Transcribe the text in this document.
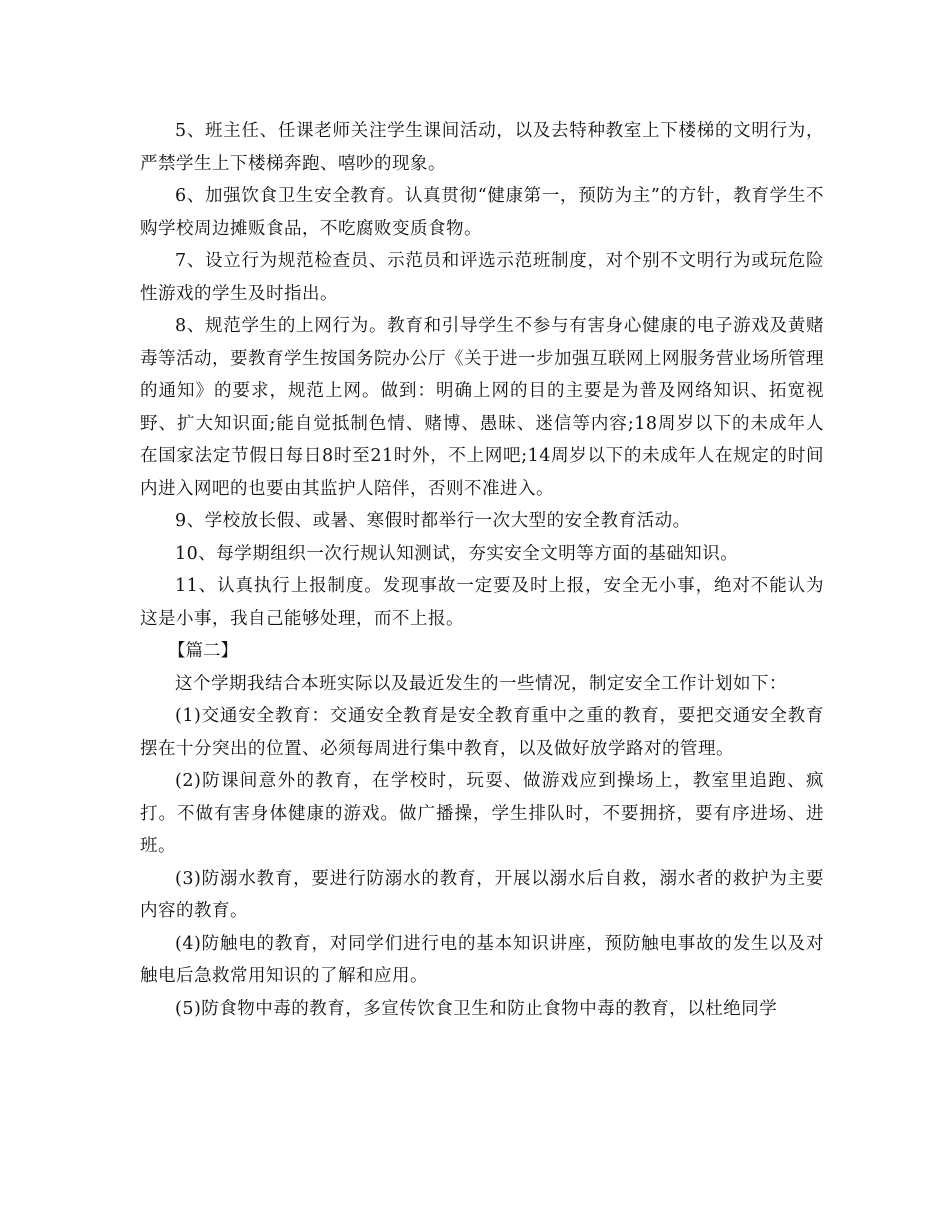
5、班主任、任课老师关注学生课间活动，以及去特种教室上下楼梯的文明行为，严禁学生上下楼梯奔跑、嘻吵的现象。

6、加强饮食卫生安全教育。认真贯彻“健康第一，预防为主”的方针，教育学生不购学校周边摊贩食品，不吃腐败变质食物。

7、设立行为规范检查员、示范员和评选示范班制度，对个别不文明行为或玩危险性游戏的学生及时指出。

8、规范学生的上网行为。教育和引导学生不参与有害身心健康的电子游戏及黄赌毒等活动，要教育学生按国务院办公厅《关于进一步加强互联网上网服务营业场所管理的通知》的要求，规范上网。做到：明确上网的目的主要是为普及网络知识、拓宽视野、扩大知识面;能自觉抵制色情、赌博、愚昧、迷信等内容;18周岁以下的未成年人在国家法定节假日每日8时至21时外，不上网吧;14周岁以下的未成年人在规定的时间内进入网吧的也要由其监护人陪伴，否则不准进入。

9、学校放长假、或暑、寒假时都举行一次大型的安全教育活动。

10、每学期组织一次行规认知测试，夯实安全文明等方面的基础知识。

11、认真执行上报制度。发现事故一定要及时上报，安全无小事，绝对不能认为这是小事，我自己能够处理，而不上报。

【篇二】

这个学期我结合本班实际以及最近发生的一些情况，制定安全工作计划如下：

(1)交通安全教育：交通安全教育是安全教育重中之重的教育，要把交通安全教育摆在十分突出的位置、必须每周进行集中教育，以及做好放学路对的管理。

(2)防课间意外的教育，在学校时，玩耍、做游戏应到操场上，教室里追跑、疯打。不做有害身体健康的游戏。做广播操，学生排队时，不要拥挤，要有序进场、进班。

(3)防溺水教育，要进行防溺水的教育，开展以溺水后自救，溺水者的救护为主要内容的教育。

(4)防触电的教育，对同学们进行电的基本知识讲座，预防触电事故的发生以及对触电后急救常用知识的了解和应用。

(5)防食物中毒的教育，多宣传饮食卫生和防止食物中毒的教育，以杜绝同学
